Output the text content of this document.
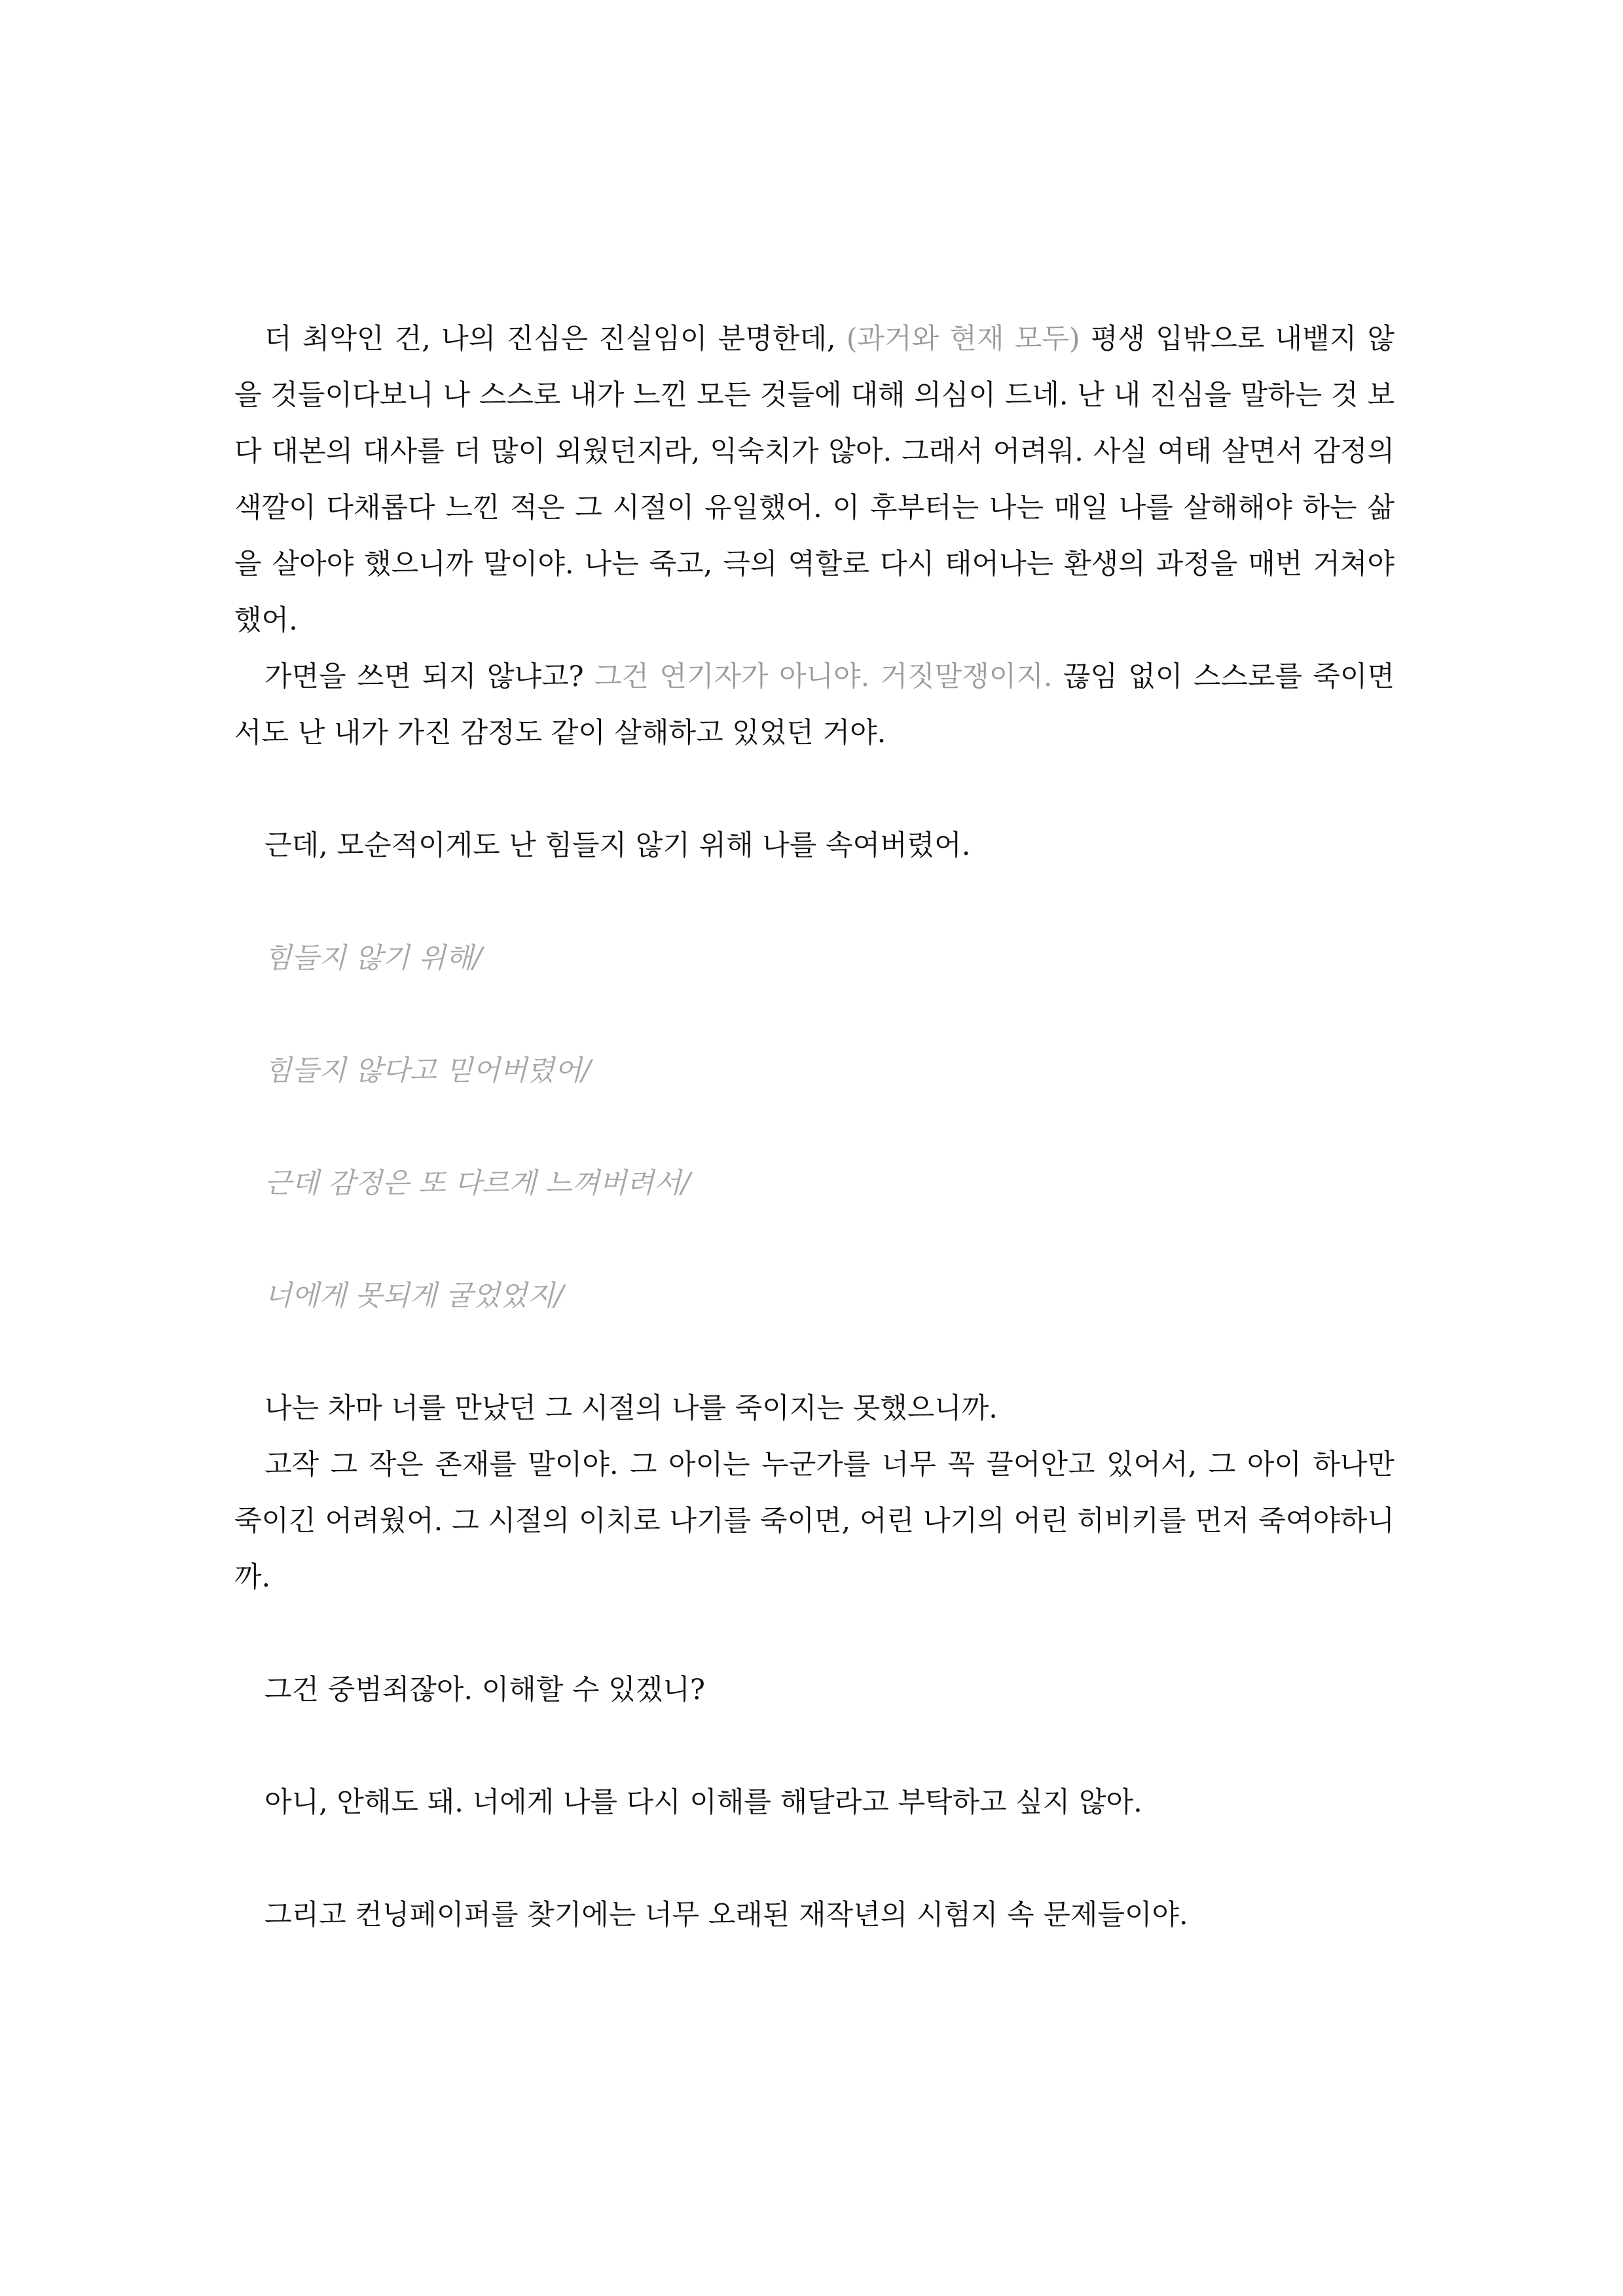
더 최악인 건, 나의 진심은 진실임이 분명한데, (과거와 현재 모두) 평생 입밖으로 내뱉지 않을 것들이다보니 나 스스로 내가 느낀 모든 것들에 대해 의심이 드네. 난 내 진심을 말하는 것 보다 대본의 대사를 더 많이 외웠던지라, 익숙치가 않아. 그래서 어려워. 사실 여태 살면서 감정의 색깔이 다채롭다 느낀 적은 그 시절이 유일했어. 이 후부터는 나는 매일 나를 살해해야 하는 삶을 살아야 했으니까 말이야. 나는 죽고, 극의 역할로 다시 태어나는 환생의 과정을 매번 거쳐야 했어.

가면을 쓰면 되지 않냐고? 그건 연기자가 아니야. 거짓말쟁이지. 끊임 없이 스스로를 죽이면서도 난 내가 가진 감정도 같이 살해하고 있었던 거야.

근데, 모순적이게도 난 힘들지 않기 위해 나를 속여버렸어.

힘들지 않기 위해/

힘들지 않다고 믿어버렸어/

근데 감정은 또 다르게 느껴버려서/

너에게 못되게 굴었었지/

나는 차마 너를 만났던 그 시절의 나를 죽이지는 못했으니까.

고작 그 작은 존재를 말이야. 그 아이는 누군가를 너무 꼭 끌어안고 있어서, 그 아이 하나만 죽이긴 어려웠어. 그 시절의 이치로 나기를 죽이면, 어린 나기의 어린 히비키를 먼저 죽여야하니까.

그건 중범죄잖아. 이해할 수 있겠니?

아니, 안해도 돼. 너에게 나를 다시 이해를 해달라고 부탁하고 싶지 않아.

그리고 컨닝페이퍼를 찾기에는 너무 오래된 재작년의 시험지 속 문제들이야.
